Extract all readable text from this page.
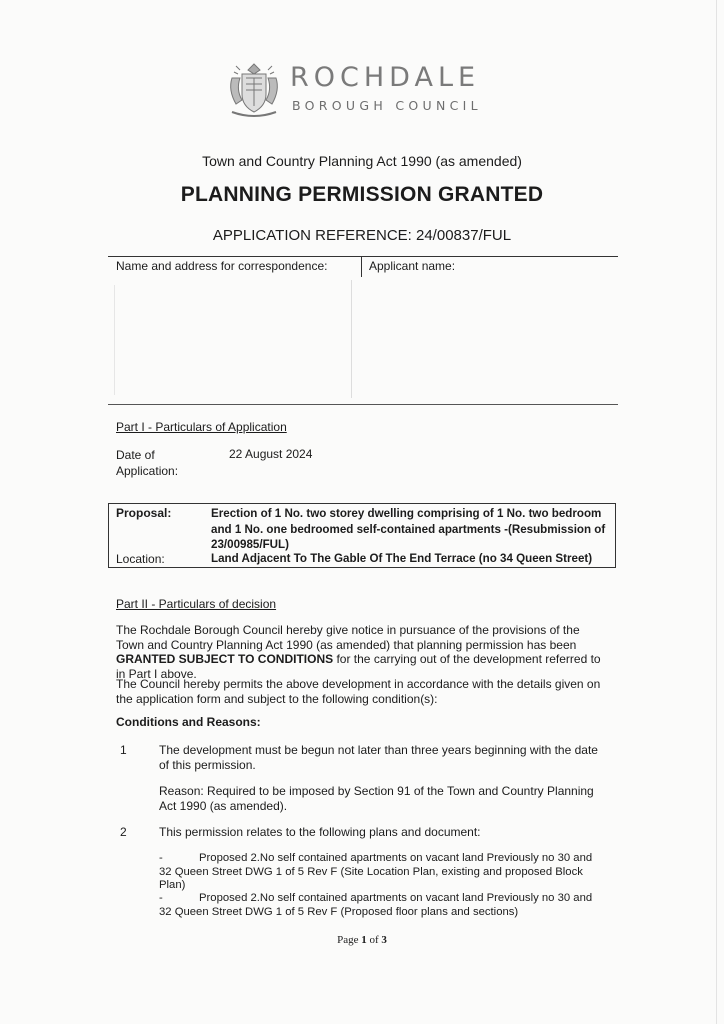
ROCHDALE
BOROUGH COUNCIL
Town and Country Planning Act 1990 (as amended)
PLANNING PERMISSION GRANTED
APPLICATION REFERENCE: 24/00837/FUL
Name and address for correspondence:	Applicant name:
Part I - Particulars of Application
Date of Application:
22 August 2024
Proposal:	Erection of 1 No. two storey dwelling comprising of 1 No. two bedroom and 1 No. one bedroomed self-contained apartments -(Resubmission of 23/00985/FUL)
Location:	Land Adjacent To The Gable Of The End Terrace (no 34 Queen Street)
Part II - Particulars of decision
The Rochdale Borough Council hereby give notice in pursuance of the provisions of the Town and Country Planning Act 1990 (as amended) that planning permission has been GRANTED SUBJECT TO CONDITIONS for the carrying out of the development referred to in Part I above.
The Council hereby permits the above development in accordance with the details given on the application form and subject to the following condition(s):
Conditions and Reasons:
1	The development must be begun not later than three years beginning with the date of this permission.
Reason: Required to be imposed by Section 91 of the Town and Country Planning Act 1990 (as amended).
2	This permission relates to the following plans and document:
-	Proposed 2.No self contained apartments on vacant land Previously no 30 and 32 Queen Street DWG 1 of 5 Rev F (Site Location Plan, existing and proposed Block Plan)
-	Proposed 2.No self contained apartments on vacant land Previously no 30 and 32 Queen Street DWG 1 of 5 Rev F (Proposed floor plans and sections)
Page 1 of 3
